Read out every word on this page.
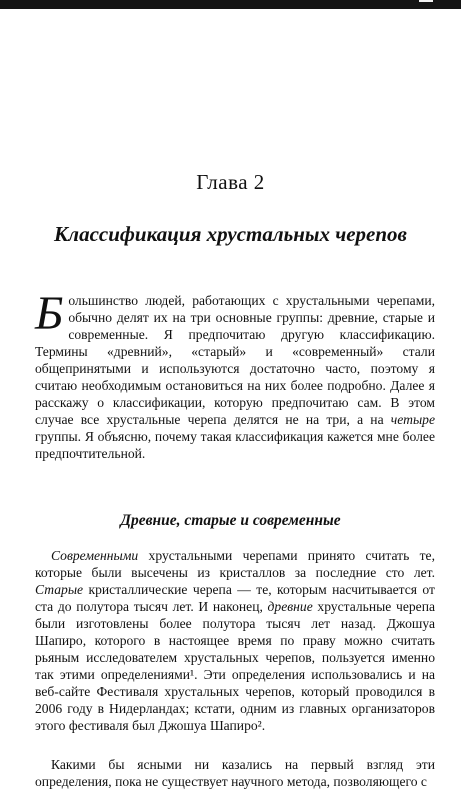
Глава 2
Классификация хрустальных черепов
Большинство людей, работающих с хрустальными черепами, обычно делят их на три основные группы: древние, старые и современные. Я предпочитаю другую классификацию. Термины «древний», «старый» и «современный» стали общепринятыми и используются достаточно часто, поэтому я считаю необходимым остановиться на них более подробно. Далее я расскажу о классификации, которую предпочитаю сам. В этом случае все хрустальные черепа делятся не на три, а на четыре группы. Я объясню, почему такая классификация кажется мне более предпочтительной.
Древние, старые и современные

Современными хрустальными черепами принято считать те, которые были высечены из кристаллов за последние сто лет. Старые кристаллические черепа — те, которым насчитывается от ста до полутора тысяч лет. И наконец, древние хрустальные черепа были изготовлены более полутора тысяч лет назад. Джошуа Шапиро, которого в настоящее время по праву можно считать рьяным исследователем хрустальных черепов, пользуется именно так этими определениями¹. Эти определения использовались и на веб-сайте Фестиваля хрустальных черепов, который проводился в 2006 году в Нидерландах; кстати, одним из главных организаторов этого фестиваля был Джошуа Шапиро².

Какими бы ясными ни казались на первый взгляд эти определения, пока не существует научного метода, позволяющего с
